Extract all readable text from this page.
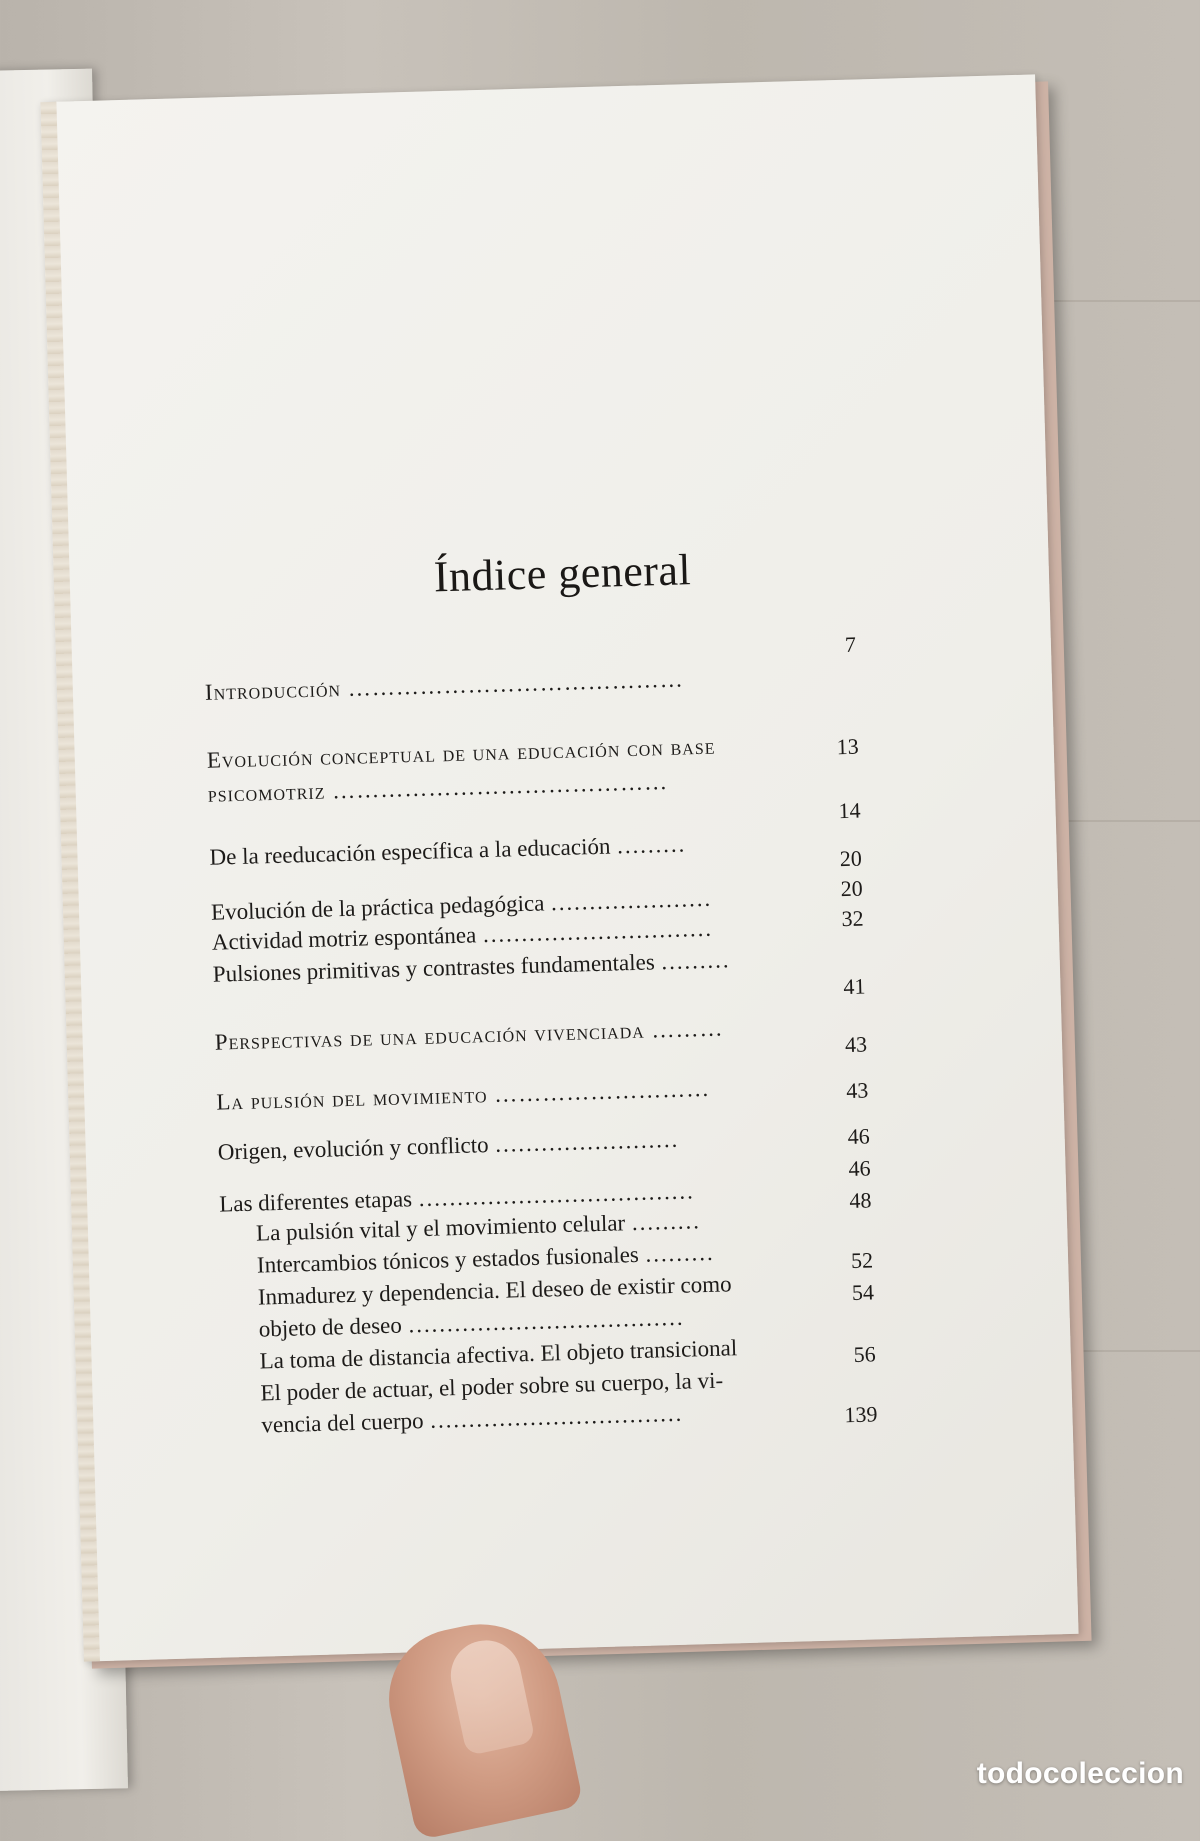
Índice general
Introducción ……………………………………
7
Evolución conceptual de una educación con base
psicomotriz ……………………………………
13
De la reeducación específica a la educación ………
14
Evolución de la práctica pedagógica …………………
20
Actividad motriz espontánea …………………………
20
Pulsiones primitivas y contrastes fundamentales ………
32
Perspectivas de una educación vivenciada ………
41
La pulsión del movimiento ………………………
43
Origen, evolución y conflicto ……………………
43
Las diferentes etapas ………………………………
46
La pulsión vital y el movimiento celular ………
46
Intercambios tónicos y estados fusionales ………
48
Inmadurez y dependencia. El deseo de existir como
objeto de deseo ………………………………
52
La toma de distancia afectiva. El objeto transicional
54
El poder de actuar, el poder sobre su cuerpo, la vi-
vencia del cuerpo ……………………………
56
139
todocoleccion
